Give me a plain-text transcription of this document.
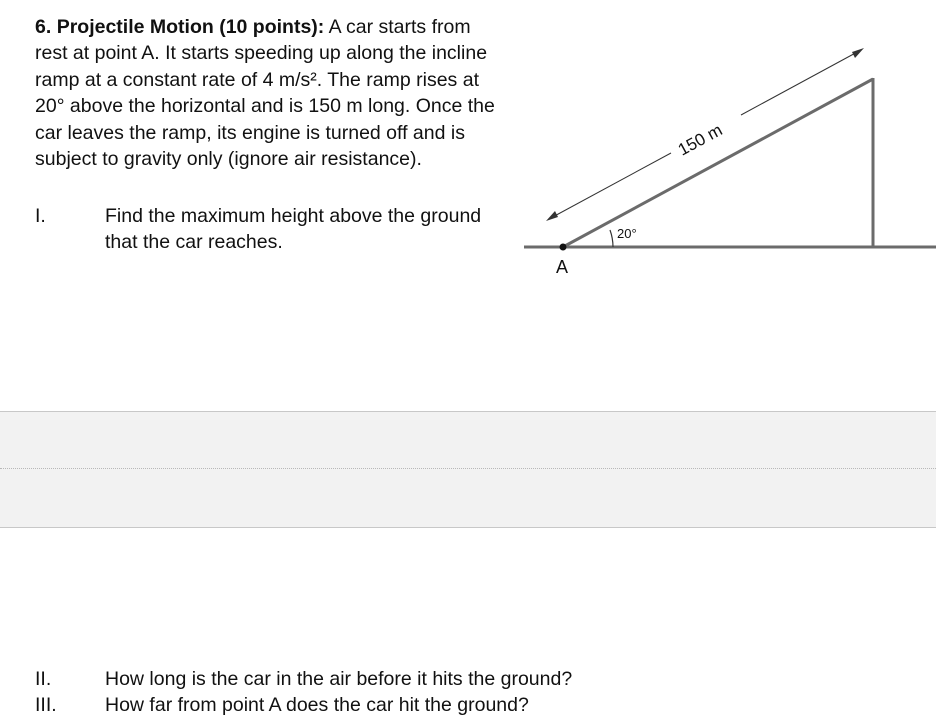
6. Projectile Motion (10 points): A car starts from rest at point A. It starts speeding up along the incline ramp at a constant rate of 4 m/s². The ramp rises at 20° above the horizontal and is 150 m long. Once the car leaves the ramp, its engine is turned off and is subject to gravity only (ignore air resistance).

I.	Find the maximum height above the ground that the car reaches.
A
20°
150 m
II.	How long is the car in the air before it hits the ground?
III.	How far from point A does the car hit the ground?
